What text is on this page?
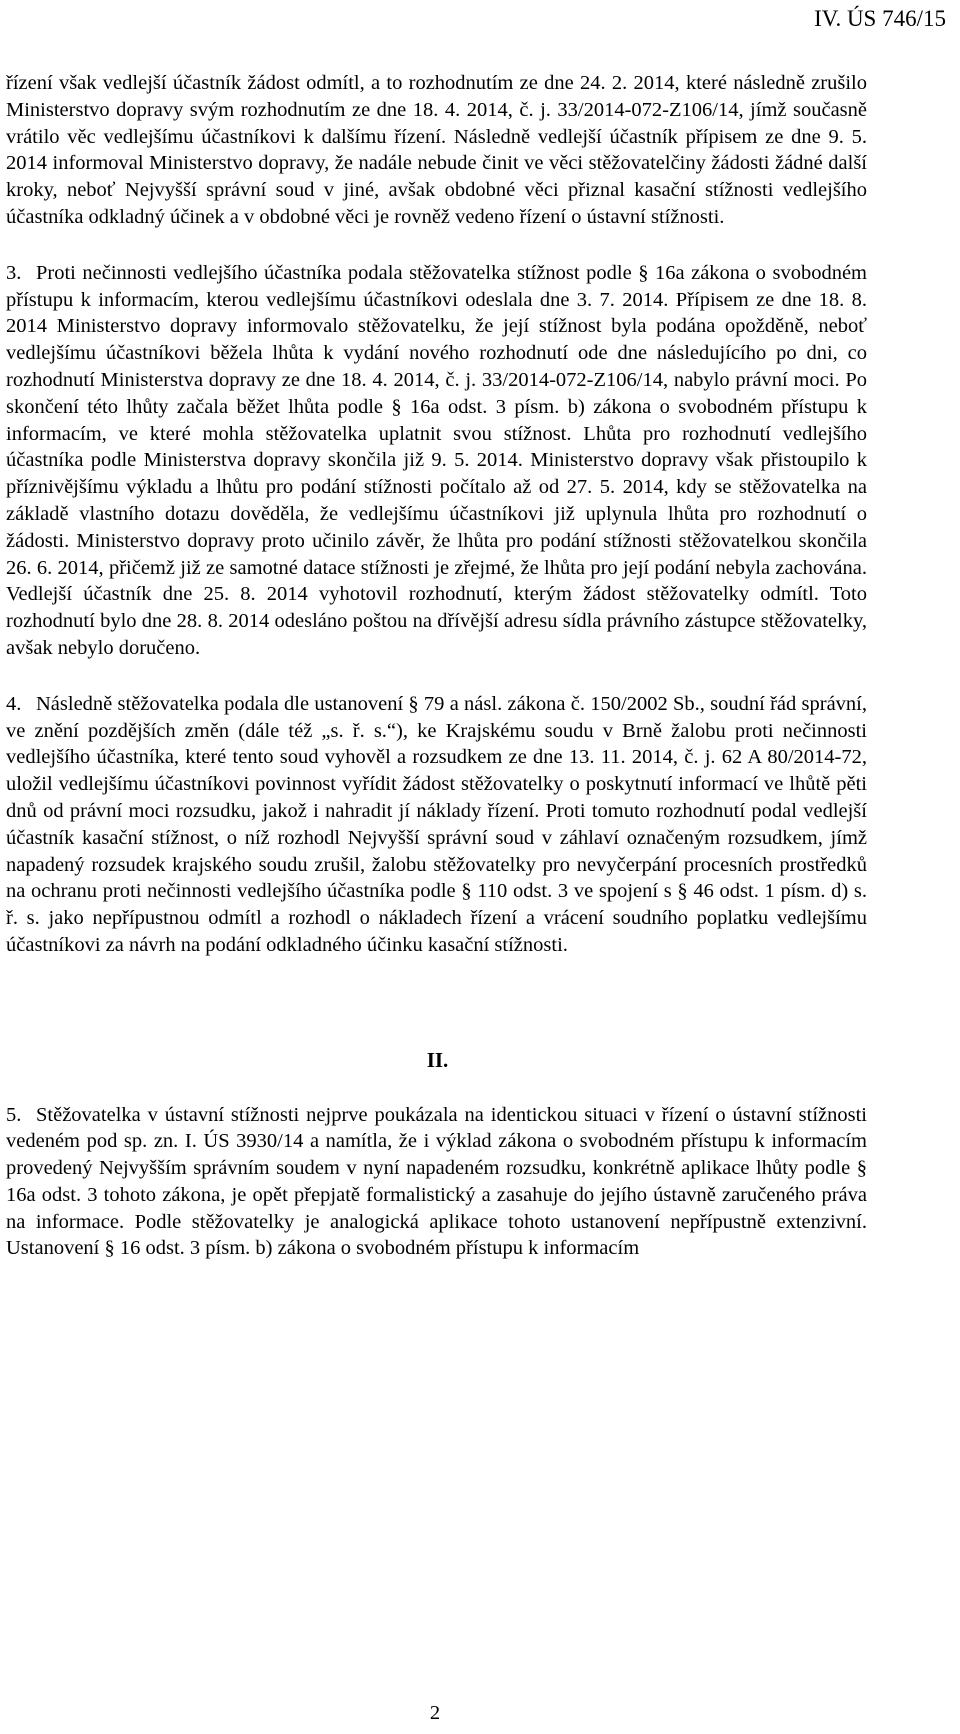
IV. ÚS 746/15

řízení však vedlejší účastník žádost odmítl, a to rozhodnutím ze dne 24. 2. 2014, které následně zrušilo Ministerstvo dopravy svým rozhodnutím ze dne 18. 4. 2014, č. j. 33/2014-072-Z106/14, jímž současně vrátilo věc vedlejšímu účastníkovi k dalšímu řízení. Následně vedlejší účastník přípisem ze dne 9. 5. 2014 informoval Ministerstvo dopravy, že nadále nebude činit ve věci stěžovatelčiny žádosti žádné další kroky, neboť Nejvyšší správní soud v jiné, avšak obdobné věci přiznal kasační stížnosti vedlejšího účastníka odkladný účinek a v obdobné věci je rovněž vedeno řízení o ústavní stížnosti.

3. Proti nečinnosti vedlejšího účastníka podala stěžovatelka stížnost podle § 16a zákona o svobodném přístupu k informacím, kterou vedlejšímu účastníkovi odeslala dne 3. 7. 2014. Přípisem ze dne 18. 8. 2014 Ministerstvo dopravy informovalo stěžovatelku, že její stížnost byla podána opožděně, neboť vedlejšímu účastníkovi běžela lhůta k vydání nového rozhodnutí ode dne následujícího po dni, co rozhodnutí Ministerstva dopravy ze dne 18. 4. 2014, č. j. 33/2014-072-Z106/14, nabylo právní moci. Po skončení této lhůty začala běžet lhůta podle § 16a odst. 3 písm. b) zákona o svobodném přístupu k informacím, ve které mohla stěžovatelka uplatnit svou stížnost. Lhůta pro rozhodnutí vedlejšího účastníka podle Ministerstva dopravy skončila již 9. 5. 2014. Ministerstvo dopravy však přistoupilo k příznivějšímu výkladu a lhůtu pro podání stížnosti počítalo až od 27. 5. 2014, kdy se stěžovatelka na základě vlastního dotazu dověděla, že vedlejšímu účastníkovi již uplynula lhůta pro rozhodnutí o žádosti. Ministerstvo dopravy proto učinilo závěr, že lhůta pro podání stížnosti stěžovatelkou skončila 26. 6. 2014, přičemž již ze samotné datace stížnosti je zřejmé, že lhůta pro její podání nebyla zachována. Vedlejší účastník dne 25. 8. 2014 vyhotovil rozhodnutí, kterým žádost stěžovatelky odmítl. Toto rozhodnutí bylo dne 28. 8. 2014 odesláno poštou na dřívější adresu sídla právního zástupce stěžovatelky, avšak nebylo doručeno.

4. Následně stěžovatelka podala dle ustanovení § 79 a násl. zákona č. 150/2002 Sb., soudní řád správní, ve znění pozdějších změn (dále též „s. ř. s.“), ke Krajskému soudu v Brně žalobu proti nečinnosti vedlejšího účastníka, které tento soud vyhověl a rozsudkem ze dne 13. 11. 2014, č. j. 62 A 80/2014-72, uložil vedlejšímu účastníkovi povinnost vyřídit žádost stěžovatelky o poskytnutí informací ve lhůtě pěti dnů od právní moci rozsudku, jakož i nahradit jí náklady řízení. Proti tomuto rozhodnutí podal vedlejší účastník kasační stížnost, o níž rozhodl Nejvyšší správní soud v záhlaví označeným rozsudkem, jímž napadený rozsudek krajského soudu zrušil, žalobu stěžovatelky pro nevyčerpání procesních prostředků na ochranu proti nečinnosti vedlejšího účastníka podle § 110 odst. 3 ve spojení s § 46 odst. 1 písm. d) s. ř. s. jako nepřípustnou odmítl a rozhodl o nákladech řízení a vrácení soudního poplatku vedlejšímu účastníkovi za návrh na podání odkladného účinku kasační stížnosti.

II.

5. Stěžovatelka v ústavní stížnosti nejprve poukázala na identickou situaci v řízení o ústavní stížnosti vedeném pod sp. zn. I. ÚS 3930/14 a namítla, že i výklad zákona o svobodném přístupu k informacím provedený Nejvyšším správním soudem v nyní napadeném rozsudku, konkrétně aplikace lhůty podle § 16a odst. 3 tohoto zákona, je opět přepjatě formalistický a zasahuje do jejího ústavně zaručeného práva na informace. Podle stěžovatelky je analogická aplikace tohoto ustanovení nepřípustně extenzivní. Ustanovení § 16 odst. 3 písm. b) zákona o svobodném přístupu k informacím

2
